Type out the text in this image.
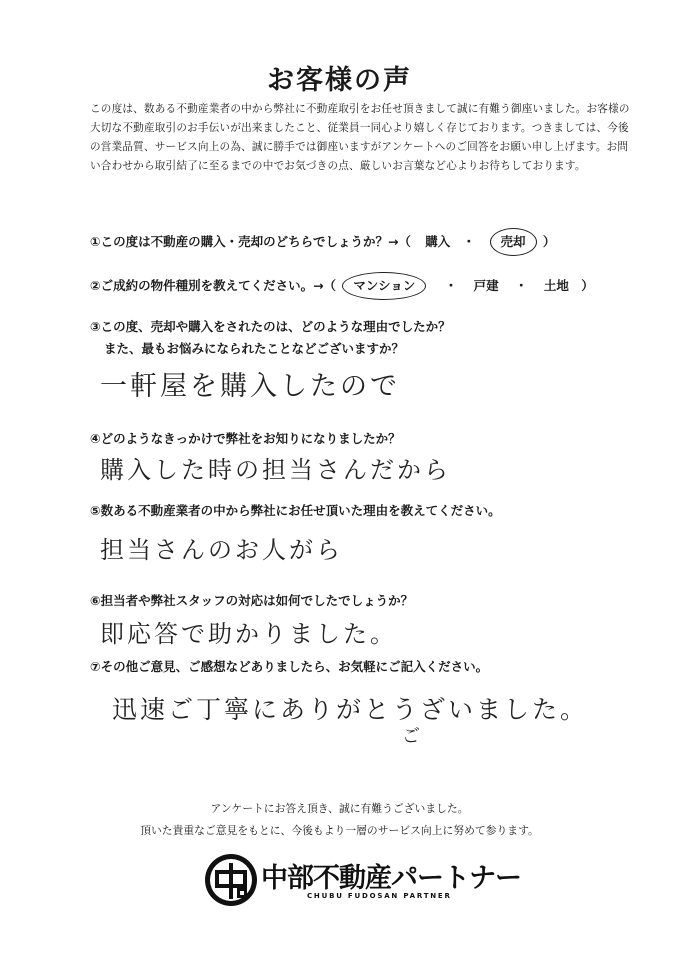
お客様の声
この度は、数ある不動産業者の中から弊社に不動産取引をお任せ頂きまして誠に有難う御座いました。お客様の大切な不動産取引のお手伝いが出来ましたこと、従業員一同心より嬉しく存じております。つきましては、今後の営業品質、サービス向上の為、誠に勝手では御座いますがアンケートへのご回答をお願い申し上げます。お問い合わせから取引結了に至るまでの中でお気づきの点、厳しいお言葉など心よりお待ちしております。
①この度は不動産の購入・売却のどちらでしょうか？→（ 購入 ・ 売却 ）
②ご成約の物件種別を教えてください。→（ マンション ・ 戸建 ・ 土地 ）
③この度、売却や購入をされたのは、どのような理由でしたか？
また、最もお悩みになられたことなどございますか？
一軒屋を購入したので
④どのようなきっかけで弊社をお知りになりましたか？
購入した時の担当さんだから
⑤数ある不動産業者の中から弊社にお任せ頂いた理由を教えてください。
担当さんのお人がら
⑥担当者や弊社スタッフの対応は如何でしたでしょうか？
即応答で助かりました。
⑦その他ご意見、ご感想などありましたら、お気軽にご記入ください。
迅速ご丁寧にありがとうざいました。
ご
アンケートにお答え頂き、誠に有難うございました。
頂いた貴重なご意見をもとに、今後もより一層のサービス向上に努めて参ります。
中部不動産パートナー
CHUBU FUDOSAN PARTNER
